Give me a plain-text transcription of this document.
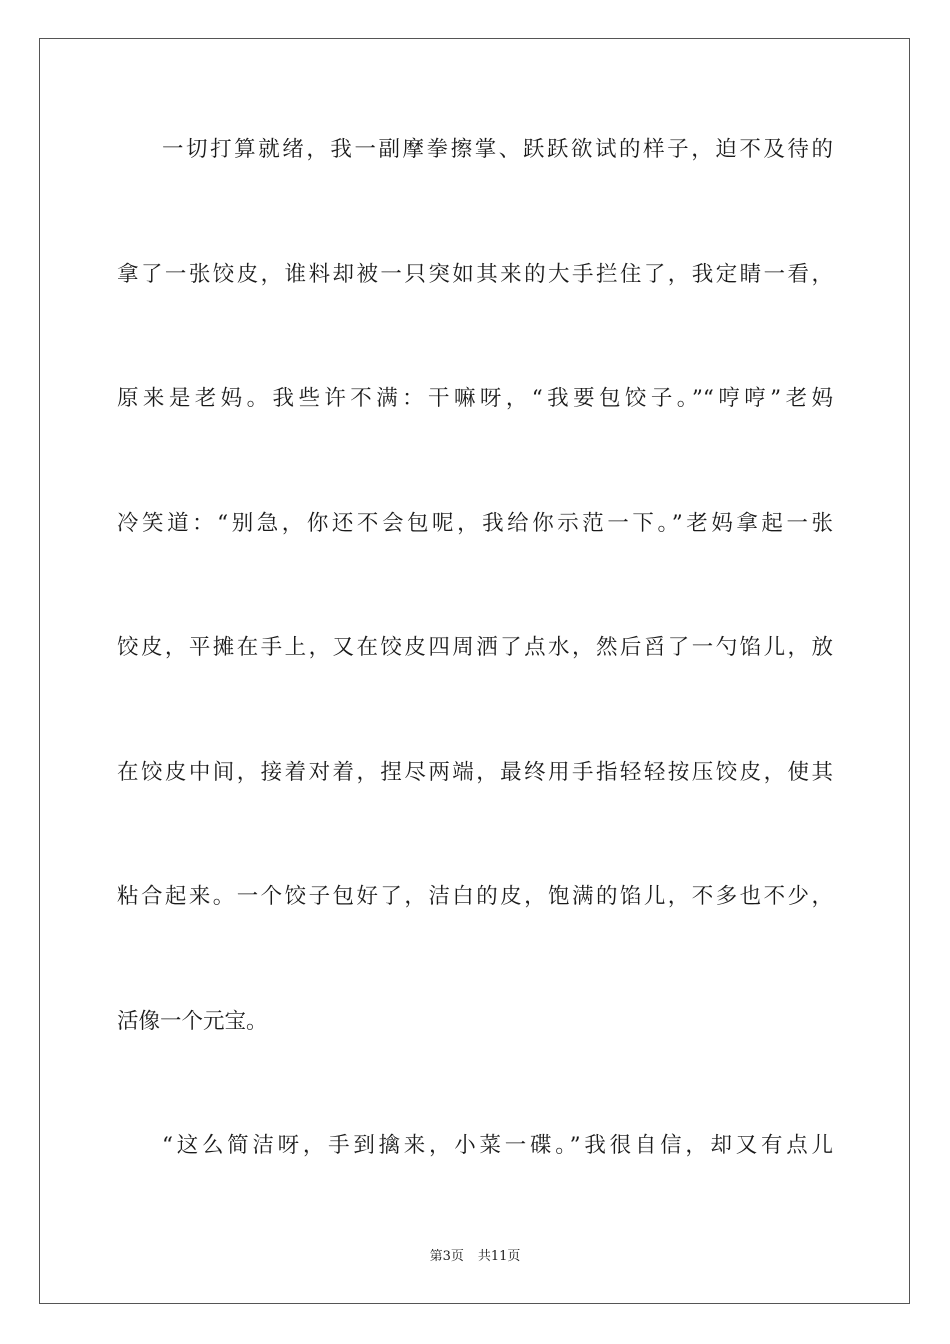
一切打算就绪，我一副摩拳擦掌、跃跃欲试的样子，迫不及待的
拿了一张饺皮，谁料却被一只突如其来的大手拦住了，我定睛一看，
原来是老妈。我些许不满：干嘛呀，“我要包饺子。”“哼哼”老妈
冷笑道：“别急，你还不会包呢，我给你示范一下。”老妈拿起一张
饺皮，平摊在手上，又在饺皮四周洒了点水，然后舀了一勺馅儿，放
在饺皮中间，接着对着，捏尽两端，最终用手指轻轻按压饺皮，使其
粘合起来。一个饺子包好了，洁白的皮，饱满的馅儿，不多也不少，
活像一个元宝。
“这么简洁呀，手到擒来，小菜一碟。”我很自信，却又有点儿
第3页 共11页
